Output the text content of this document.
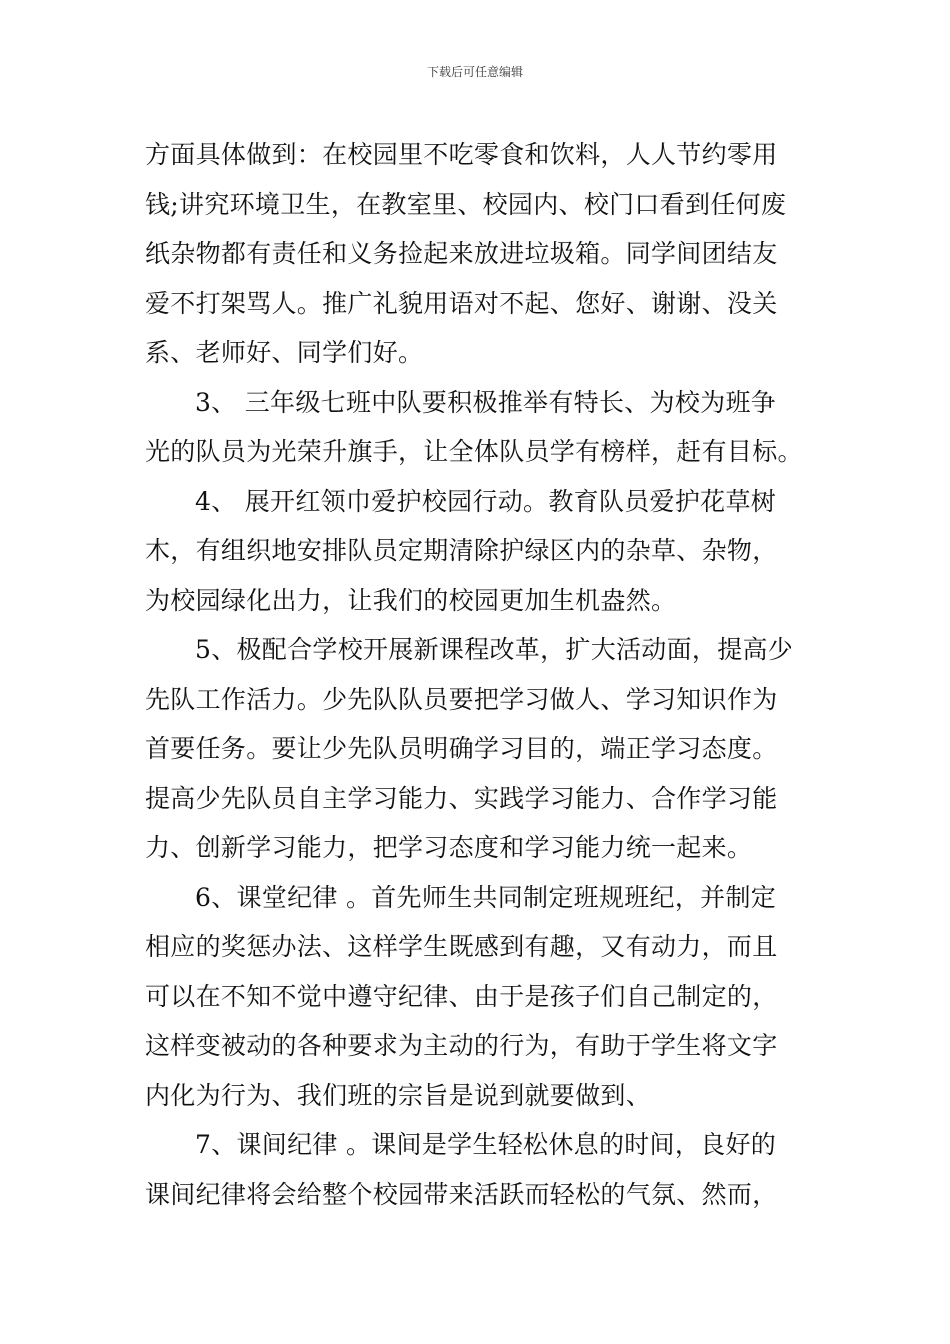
下载后可任意编辑
方面具体做到：在校园里不吃零食和饮料，人人节约零用
钱;讲究环境卫生，在教室里、校园内、校门口看到任何废
纸杂物都有责任和义务捡起来放进垃圾箱。同学间团结友
爱不打架骂人。推广礼貌用语对不起、您好、谢谢、没关
系、老师好、同学们好。
3、 三年级七班中队要积极推举有特长、为校为班争
光的队员为光荣升旗手，让全体队员学有榜样，赶有目标。
4、 展开红领巾爱护校园行动。教育队员爱护花草树
木，有组织地安排队员定期清除护绿区内的杂草、杂物，
为校园绿化出力，让我们的校园更加生机盎然。
5、极配合学校开展新课程改革，扩大活动面，提高少
先队工作活力。少先队队员要把学习做人、学习知识作为
首要任务。要让少先队员明确学习目的，端正学习态度。
提高少先队员自主学习能力、实践学习能力、合作学习能
力、创新学习能力，把学习态度和学习能力统一起来。
6、课堂纪律 。首先师生共同制定班规班纪，并制定
相应的奖惩办法、这样学生既感到有趣，又有动力，而且
可以在不知不觉中遵守纪律、由于是孩子们自己制定的，
这样变被动的各种要求为主动的行为，有助于学生将文字
内化为行为、我们班的宗旨是说到就要做到、
7、课间纪律 。课间是学生轻松休息的时间，良好的
课间纪律将会给整个校园带来活跃而轻松的气氛、然而，
